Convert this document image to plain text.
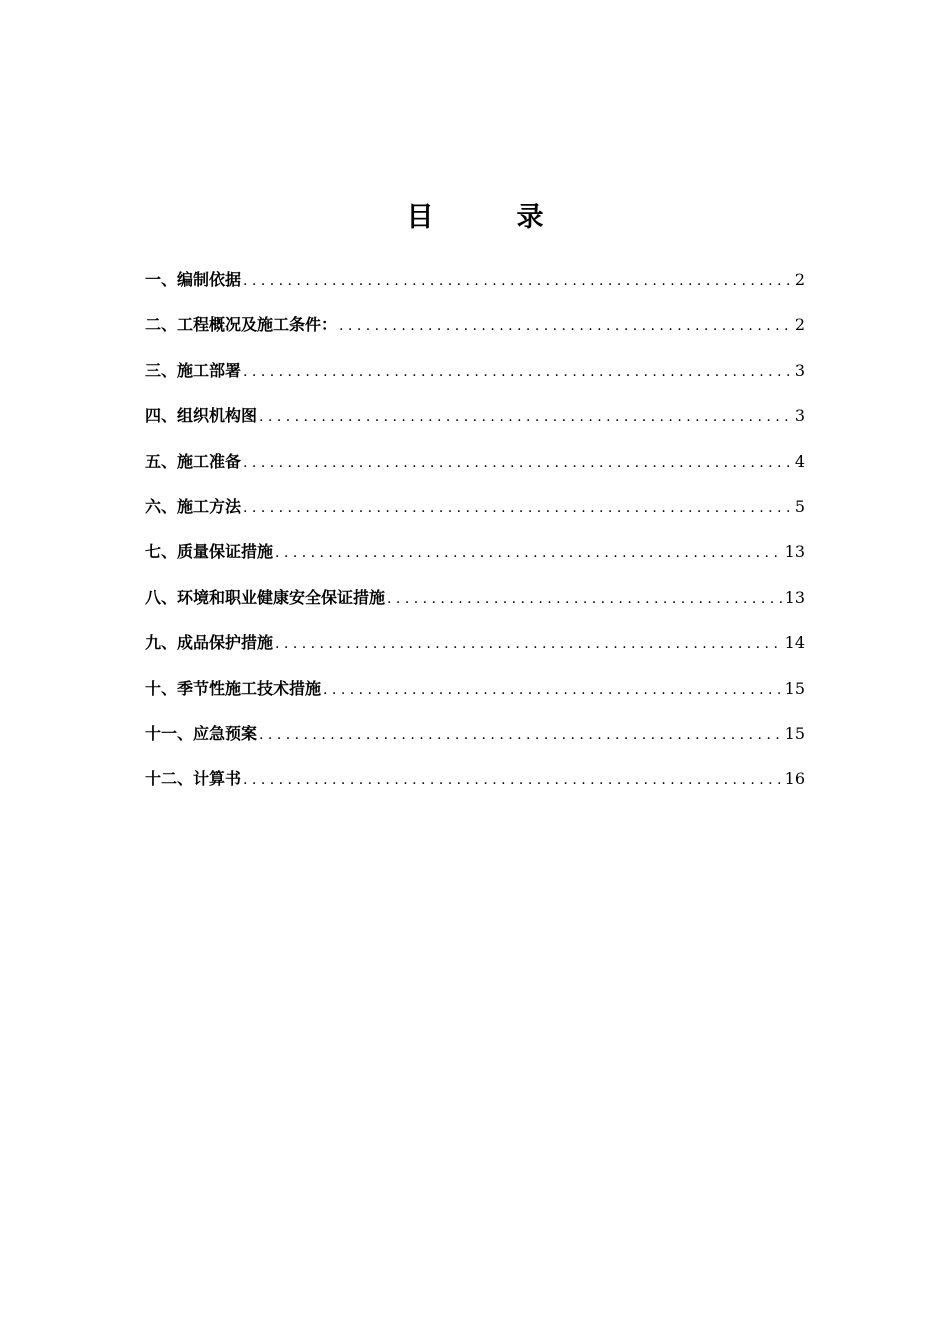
目　录
一、编制依据 . . .	2
二、工程概况及施工条件： . . .	2
三、施工部署 . . .	3
四、组织机构图 . . .	3
五、施工准备 . . .	4
六、施工方法 . . .	5
七、质量保证措施 . . .	13
八、环境和职业健康安全保证措施 . . .	13
九、成品保护措施 . . .	14
十、季节性施工技术措施 . . .	15
十一、应急预案 . . .	15
十二、计算书 . . .	16
